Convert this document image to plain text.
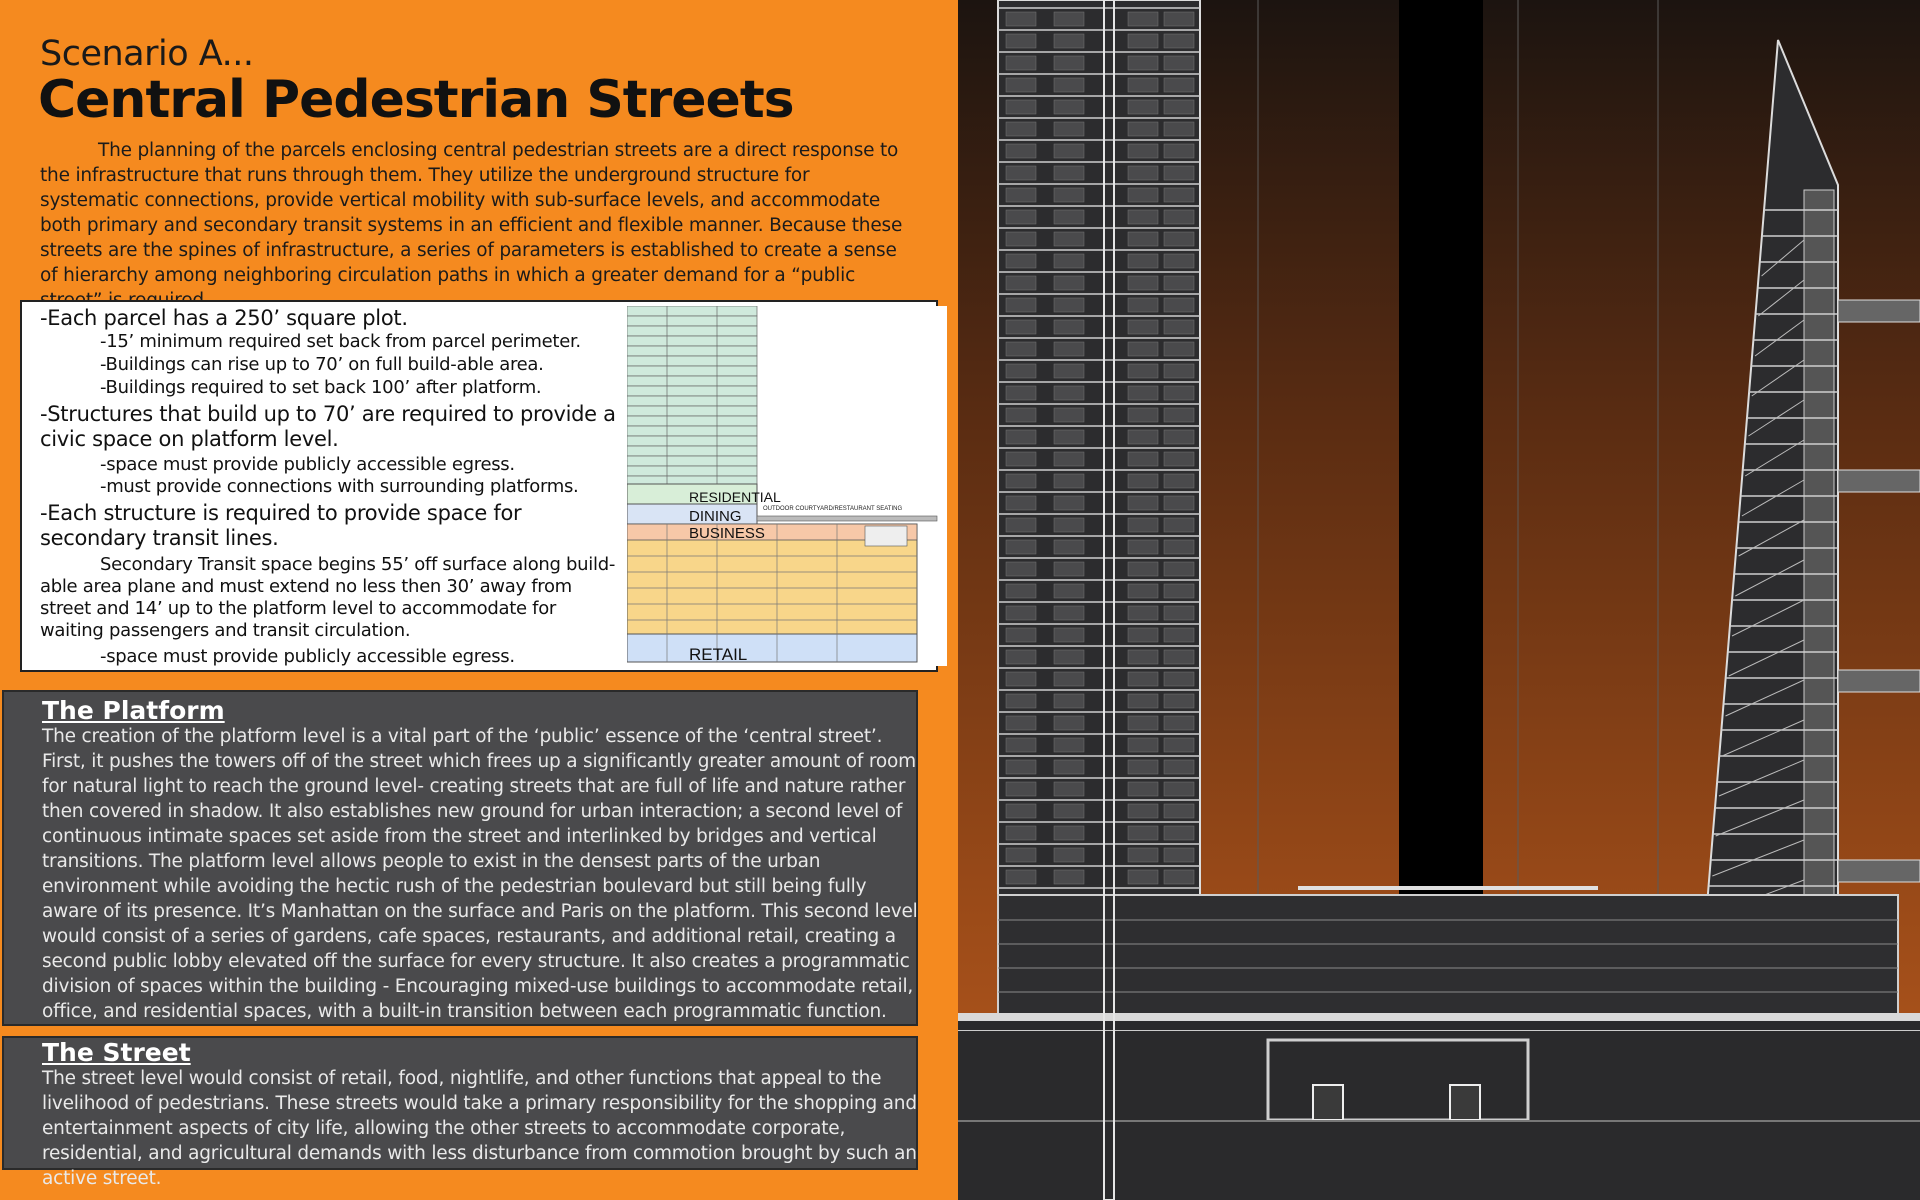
Scenario A...
Central Pedestrian Streets
The planning of the parcels enclosing central pedestrian streets are a direct response to the infrastructure that runs through them. They utilize the underground structure for systematic connections, provide vertical mobility with sub-surface levels, and accommodate both primary and secondary transit systems in an efficient and flexible manner. Because these streets are the spines of infrastructure, a series of parameters is established to create a sense of hierarchy among neighboring circulation paths in which a greater demand for a “public
-Each parcel has a 250’ square plot.
-15’ minimum required set back from parcel perimeter.
-Buildings can rise up to 70’ on full build-able area.
-Buildings required to set back 100’ after platform.
-Structures that build up to 70’ are required to provide a civic space on platform level.
-space must provide publicly accessible egress.
-must provide connections with surrounding platforms.
-Each structure is required to provide space for secondary transit lines.
Secondary Transit space begins 55’ off surface along build-able area plane and must extend no less then 30’ away from street and 14’ up to the platform level to accommodate for waiting passengers and transit circulation.
-space must provide publicly accessible egress.
RESIDENTIAL
DINING
BUSINESS
RETAIL
OUTDOOR COURTYARD/RESTAURANT SEATING
The Platform
The creation of the platform level is a vital part of the ‘public’ essence of the ‘central street’. First, it pushes the towers off of the street which frees up a significantly greater amount of room for natural light to reach the ground level- creating streets that are full of life and nature rather then covered in shadow. It also establishes new ground for urban interaction; a second level of continuous intimate spaces set aside from the street and interlinked by bridges and vertical transitions. The platform level allows people to exist in the densest parts of the urban environment while avoiding the hectic rush of the pedestrian boulevard but still being fully aware of its presence. It’s Manhattan on the surface and Paris on the platform. This second level would consist of a series of gardens, cafe spaces, restaurants, and additional retail, creating a second public lobby elevated off the surface for every structure. It also creates a programmatic division of spaces within the building - Encouraging mixed-use buildings to accommodate retail, office, and residential spaces, with a built-in transition between each programmatic function.
The Street
The street level would consist of retail, food, nightlife, and other functions that appeal to the livelihood of pedestrians. These streets would take a primary responsibility for the shopping and entertainment aspects of city life, allowing the other streets to accommodate corporate, residential, and agricultural demands with less disturbance from commotion brought by such an active street.
